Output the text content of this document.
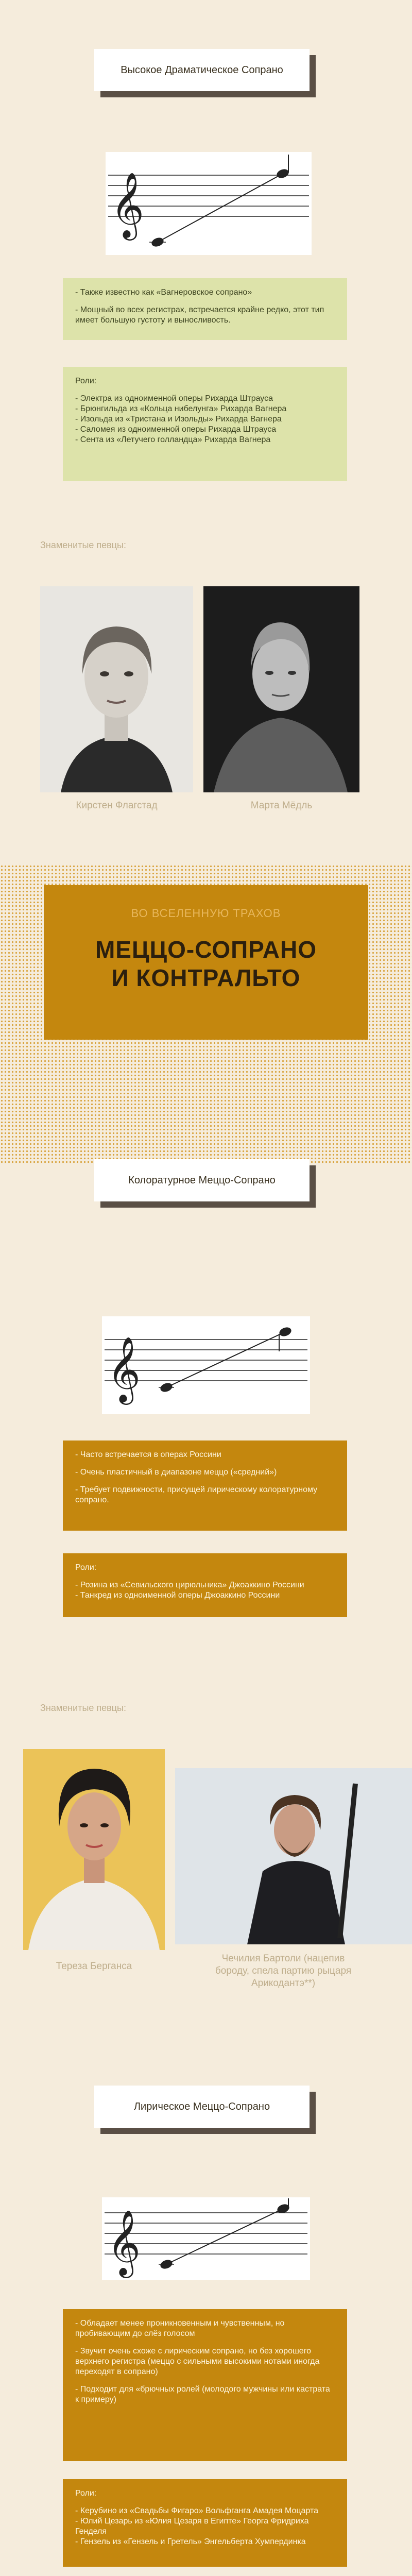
Высокое Драматическое Сопрано
𝄞

- Также известно как «Вагнеровское сопрано»

- Мощный во всех регистрах, встречается крайне редко, этот тип имеет большую густоту и выносливость.

Роли:

- Электра из одноименной оперы Рихарда Штрауса
- Брюнгильда из «Кольца нибелунга» Рихарда Вагнера
- Изольда из «Тристана и Изольды» Рихарда Вагнера
- Саломея из одноименной оперы Рихарда Штрауса
- Сента из «Летучего голландца» Рихарда Вагнера
Знаменитые певцы:
Кирстен Флагстад	Марта Мёдль
ВО ВСЕЛЕННУЮ ТРАХОВ
МЕЦЦО-СОПРАНО
И КОНТРАЛЬТО
Колоратурное Меццо-Сопрано
𝄞

- Часто встречается в операх Россини

- Очень пластичный в диапазоне меццо («средний»)

- Требует подвижности, присущей лирическому колоратурному сопрано.

Роли:

- Розина из «Севильского цирюльника» Джоаккино Россини
- Танкред из одноименной оперы Джоаккино Россини
Знаменитые певцы:
Тереза Берганса
Чечилия Бартоли (нацепив бороду, спела партию рыцаря Арикодантэ**)
Лирическое Меццо-Сопрано
𝄞

- Обладает менее проникновенным и чувственным, но пробивающим до слёз голосом

- Звучит очень схоже с лирическим сопрано, но без хорошего верхнего регистра (меццо с сильными высокими нотами иногда переходят в сопрано)

- Подходит для «брючных ролей (молодого мужчины или кастрата к примеру)

Роли:

- Керубино из «Свадьбы Фигаро» Вольфганга Амадея Моцарта
- Юлий Цезарь из «Юлия Цезаря в Египте» Георга Фридриха Генделя
- Гензель из «Гензель и Гретель» Энгельберта Хумпердинка
